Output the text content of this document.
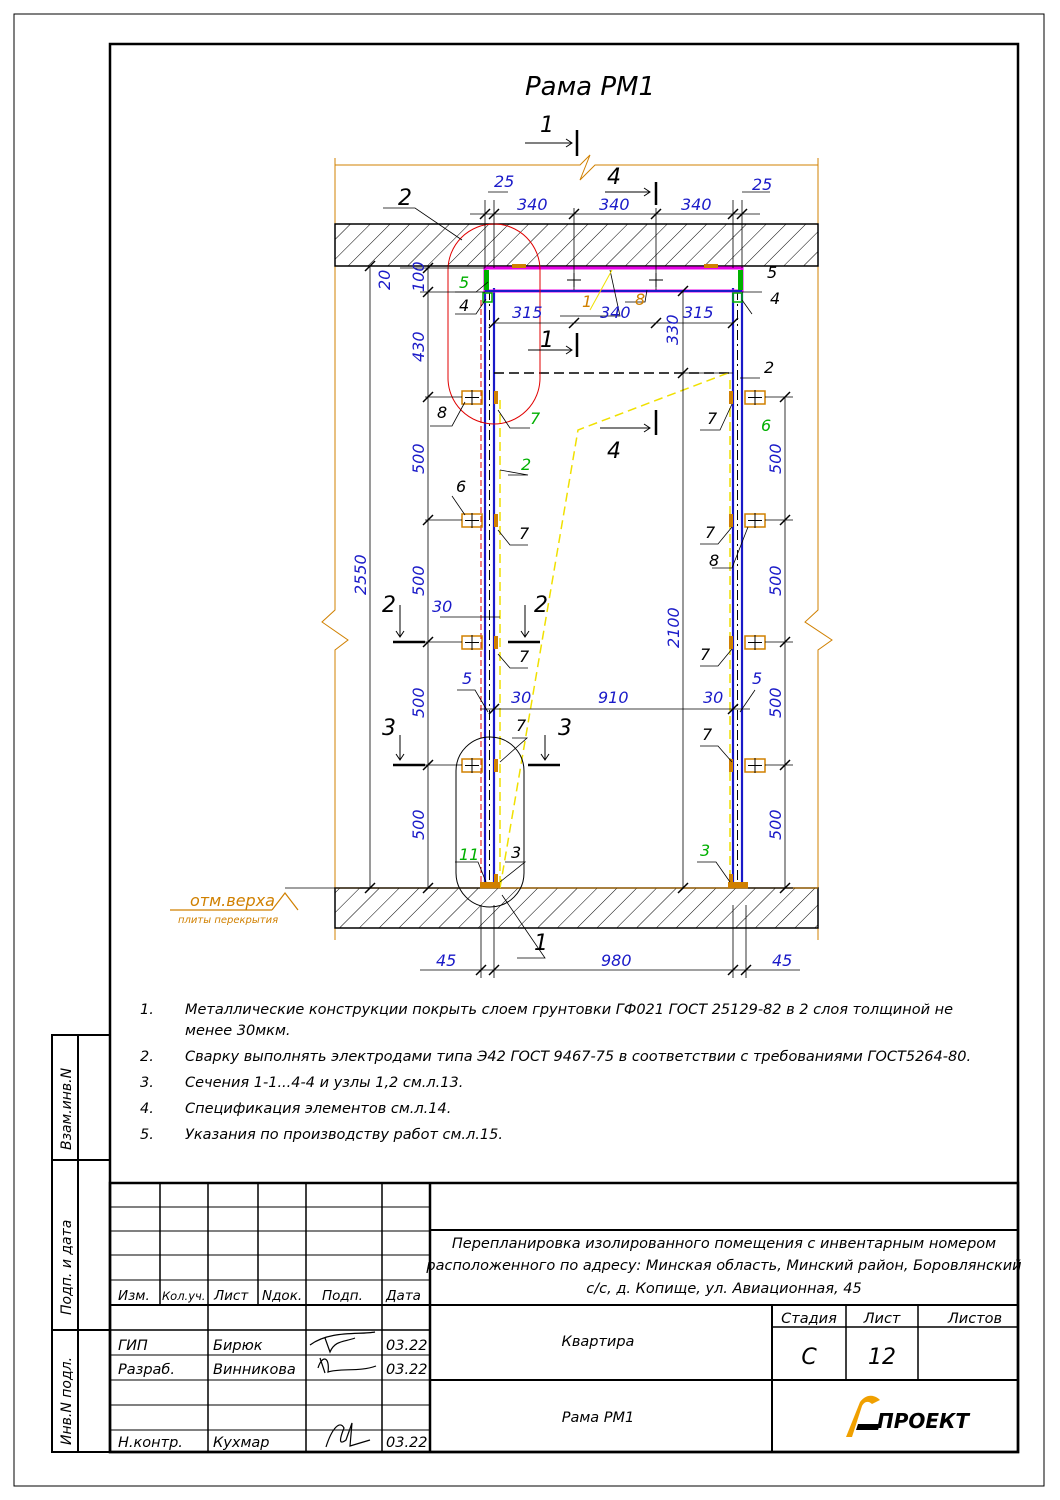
Взам.инв.N
Подп. и дата
Инв.N подл.
Рама РМ1
1
4
1
4
2	2
3	3
2
1
5
4
5
4
1	8
2
2
8	7
6
7
7
5
7
11 3
7	6
7
8
7
5
7
3
25
340	340	340
25
315	340	315
30	910	30
30
45	980	45
20 100
430
330
500
500
500
500
500
500
500
500
2550
2100
отм.верха
плиты перекрытия
Изм. Кол.уч. Лист Nдок. Подп. Дата
ГИП	Бирюк	03.22
Разраб.	Винникова	03.22
Н.контр. Кухмар	03.22
Перепланировка изолированного помещения с инвентарным номером
расположенного по адресу: Минская область, Минский район, Боровлянский
с/с, д. Копище, ул. Авиационная, 45
Квартира
Рама РМ1
Стадия Лист	Листов
С 12
ПРОЕКТ
1.	Металлические конструкции покрыть слоем грунтовки ГФ021 ГОСТ 25129-82 в 2 слоя толщиной не менее 30мкм.
2.	Сварку выполнять электродами типа Э42 ГОСТ 9467-75 в соответствии с требованиями ГОСТ5264-80.
3.	Сечения 1-1...4-4 и узлы 1,2 см.л.13.
4.	Спецификация элементов см.л.14.
5.	Указания по производству работ см.л.15.
